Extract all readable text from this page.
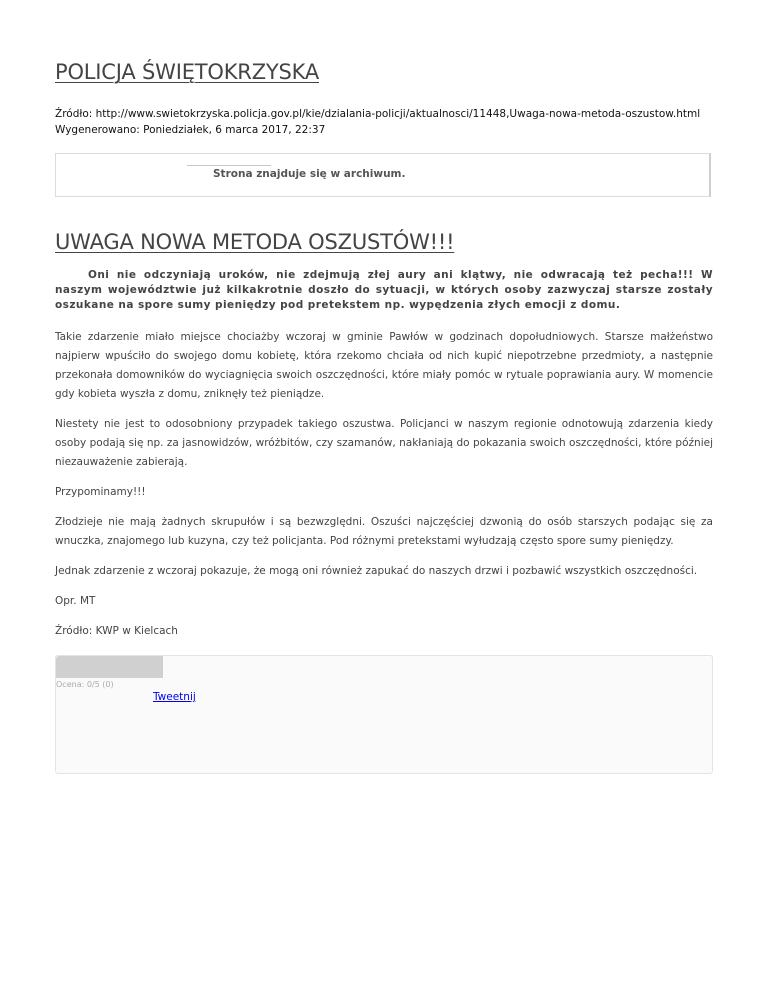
POLICJA ŚWIĘTOKRZYSKA
Źródło: http://www.swietokrzyska.policja.gov.pl/kie/dzialania-policji/aktualnosci/11448,Uwaga-nowa-metoda-oszustow.html
Wygenerowano: Poniedziałek, 6 marca 2017, 22:37
Strona znajduje się w archiwum.
UWAGA NOWA METODA OSZUSTÓW!!!

Oni nie odczyniają uroków, nie zdejmują złej aury ani klątwy, nie odwracają też pecha!!! W naszym województwie już kilkakrotnie doszło do sytuacji, w których osoby zazwyczaj starsze zostały oszukane na spore sumy pieniędzy pod pretekstem np. wypędzenia złych emocji z domu.

Takie zdarzenie miało miejsce chociażby wczoraj w gminie Pawłów w godzinach dopołudniowych. Starsze małżeństwo najpierw wpuściło do swojego domu kobietę, która rzekomo chciała od nich kupić niepotrzebne przedmioty, a następnie przekonała domowników do wyciagnięcia swoich oszczędności, które miały pomóc w rytuale poprawiania aury. W momencie gdy kobieta wyszła z domu, zniknęły też pieniądze.

Niestety nie jest to odosobniony przypadek takiego oszustwa. Policjanci w naszym regionie odnotowują zdarzenia kiedy osoby podają się np. za jasnowidzów, wróżbitów, czy szamanów, nakłaniają do pokazania swoich oszczędności, które później niezauważenie zabierają.

Przypominamy!!!

Złodzieje nie mają żadnych skrupułów i są bezwzględni. Oszuści najczęściej dzwonią do osób starszych podając się za wnuczka, znajomego lub kuzyna, czy też policjanta. Pod różnymi pretekstami wyłudzają często spore sumy pieniędzy.

Jednak zdarzenie z wczoraj pokazuje, że mogą oni również zapukać do naszych drzwi i pozbawić wszystkich oszczędności.

Opr. MT

Źródło: KWP w Kielcach

Ocena: 0/5 (0)
Tweetnij
